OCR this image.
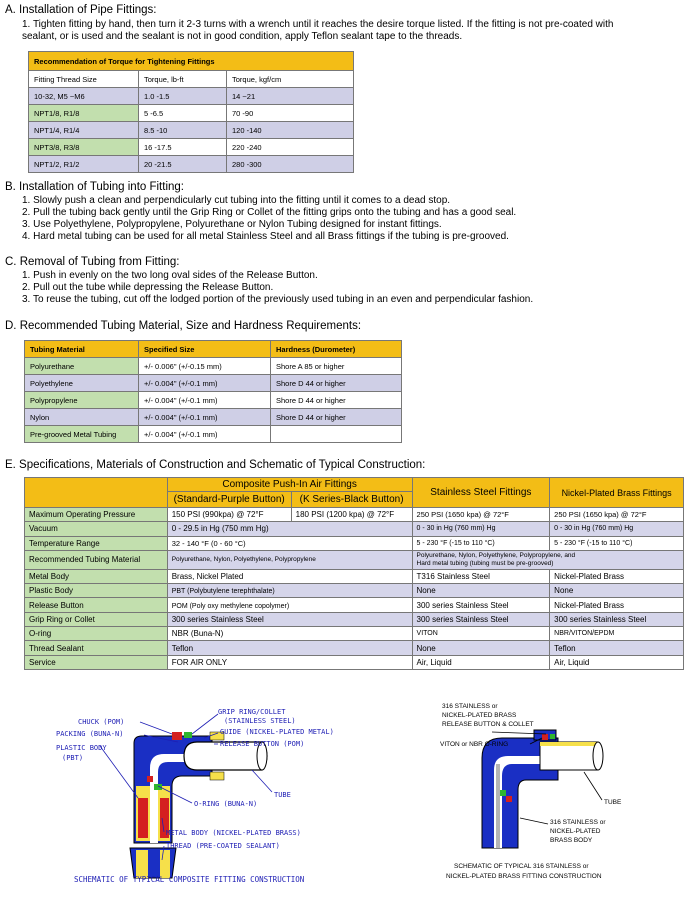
A. Installation of Pipe Fittings:
1. Tighten fitting by hand, then turn it 2-3 turns with a wrench until it reaches the desire torque listed. If the fitting is not pre-coated with
sealant, or is used and the sealant is not in good condition, apply Teflon sealant tape to the threads.
Recommendation of Torque for Tightening Fittings		
Fitting Thread Size	Torque, lb-ft	Torque, kgf/cm
10-32, M5 ~M6	1.0 -1.5	14 ~21
NPT1/8, R1/8	5 -6.5	70 -90
NPT1/4, R1/4	8.5 -10	120 -140
NPT3/8, R3/8	16 -17.5	220 -240
NPT1/2, R1/2	20 -21.5	280 -300
B. Installation of Tubing into Fitting:
1. Slowly push a clean and perpendicularly cut tubing into the fitting until it comes to a dead stop.
2. Pull the tubing back gently until the Grip Ring or Collet of the fitting grips onto the tubing and has a good seal.
3. Use Polyethylene, Polypropylene, Polyurethane or Nylon Tubing designed for instant fittings.
4. Hard metal tubing can be used for all metal Stainless Steel and all Brass fittings if the tubing is pre-grooved.
C. Removal of Tubing from Fitting:
1. Push in evenly on the two long oval sides of the Release Button.
2. Pull out the tube while depressing the Release Button.
3. To reuse the tubing, cut off the lodged portion of the previously used tubing in an even and perpendicular fashion.
D. Recommended Tubing Material, Size and Hardness Requirements:
Tubing Material	Specified Size	Hardness (Durometer)
Polyurethane	+/- 0.006" (+/-0.15 mm)	Shore A 85 or higher
Polyethylene	+/- 0.004" (+/-0.1 mm)	Shore D 44 or higher
Polypropylene	+/- 0.004" (+/-0.1 mm)	Shore D 44 or higher
Nylon	+/- 0.004" (+/-0.1 mm)	Shore D 44 or higher
Pre-grooved Metal Tubing	+/- 0.004" (+/-0.1 mm)	
E. Specifications, Materials of Construction and Schematic of Typical Construction:
	Composite Push-In Air Fittings		Stainless Steel Fittings	Nickel-Plated Brass Fittings
	(Standard-Purple Button)	(K Series-Black Button)		
Maximum Operating Pressure	150 PSI (990kpa) @ 72°F	180 PSI (1200 kpa) @ 72°F	250 PSI (1650 kpa) @ 72°F	250 PSI (1650 kpa) @ 72°F
Vacuum	0 - 29.5 in Hg (750 mm Hg)		0 - 30 in Hg (760 mm) Hg	0 - 30 in Hg (760 mm) Hg
Temperature Range	32 - 140 °F (0 - 60 °C)		5 - 230 °F (-15 to 110 °C)	5 - 230 °F (-15 to 110 °C)
Recommended Tubing Material	Polyurethane, Nylon, Polyethylene, Polypropylene		Polyurethane, Nylon, Polyethylene, Polypropylene, and
Hard metal tubing (tubing must be pre-grooved)	

Metal Body	Brass, Nickel Plated		T316 Stainless Steel	Nickel-Plated Brass
Plastic Body	PBT (Polybutylene terephthalate)		None	None
Release Button	POM (Poly oxy methylene copolymer)		300 series Stainless Steel	Nickel-Plated Brass
Grip Ring or Collet	300 series Stainless Steel		300 series Stainless Steel	300 series Stainless Steel
O-ring	NBR (Buna-N)		VITON	NBR/VITON/EPDM
Thread Sealant	Teflon		None	Teflon
Service	FOR AIR ONLY		Air, Liquid	Air, Liquid
CHUCK (POM)
PACKING (BUNA-N)
PLASTIC BODY
(PBT)
GRIP RING/COLLET
(STAINLESS STEEL)
GUIDE (NICKEL-PLATED METAL)
RELEASE BUTTON (POM)
TUBE
O-RING (BUNA-N)
METAL BODY (NICKEL-PLATED BRASS)
THREAD (PRE-COATED SEALANT)
SCHEMATIC OF TYPICAL COMPOSITE FITTING CONSTRUCTION
316 STAINLESS or
NICKEL-PLATED BRASS
RELEASE BUTTON & COLLET
VITON or NBR O-RING
TUBE
316 STAINLESS or
NICKEL-PLATED
BRASS BODY
SCHEMATIC OF TYPICAL 316 STAINLESS or
NICKEL-PLATED BRASS FITTING CONSTRUCTION
